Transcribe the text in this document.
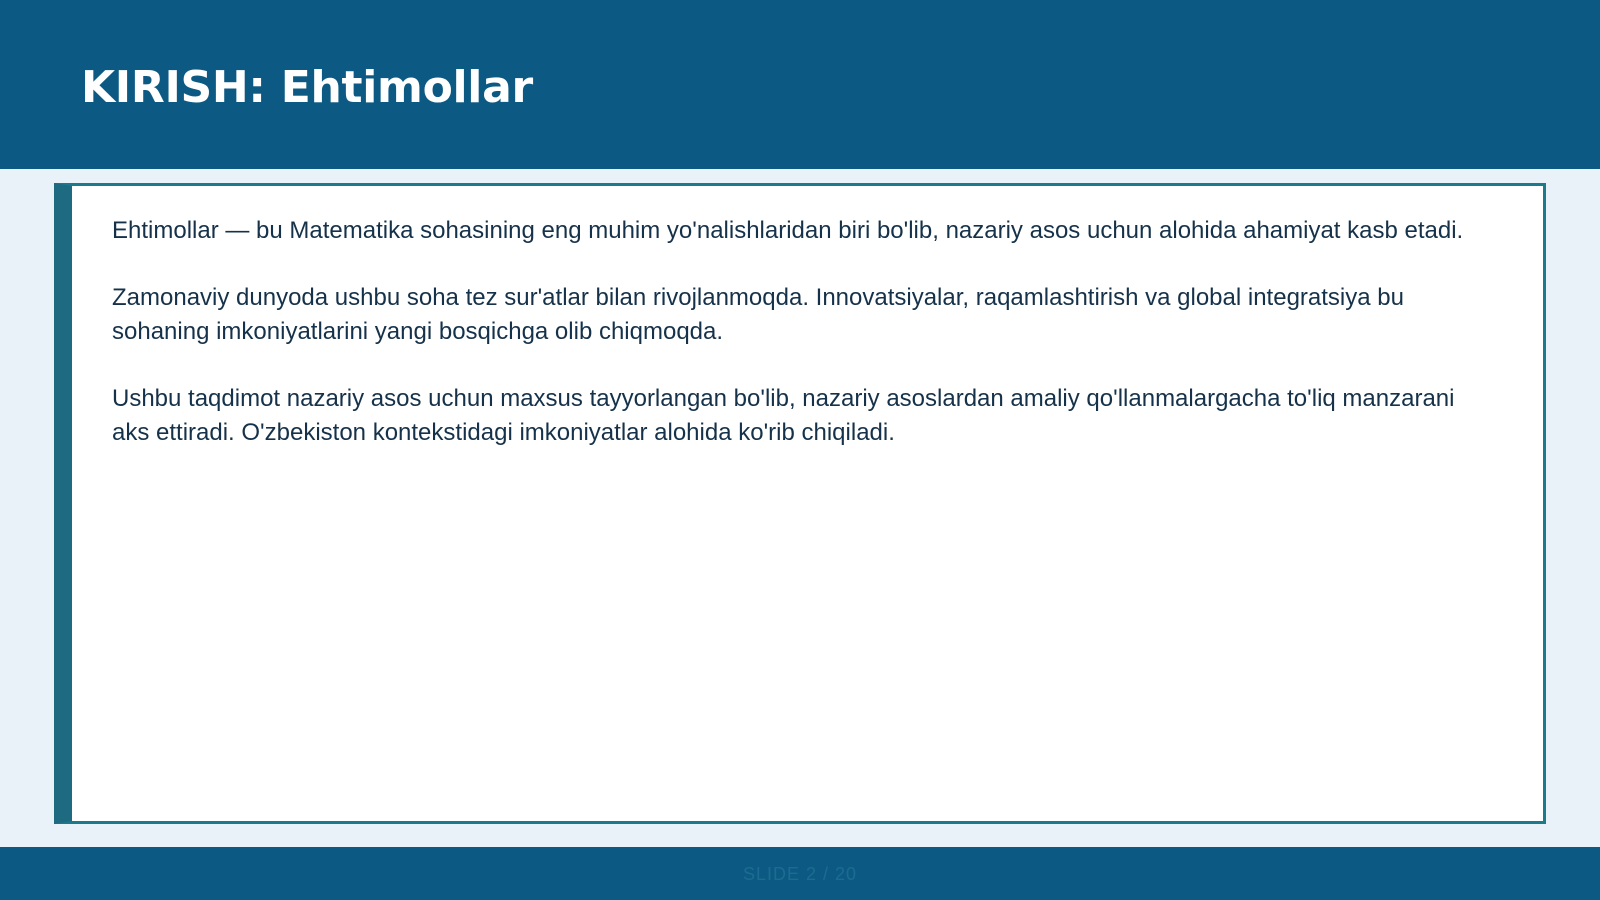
KIRISH: Ehtimollar

Ehtimollar — bu Matematika sohasining eng muhim yo'nalishlaridan biri bo'lib, nazariy asos uchun alohida ahamiyat kasb etadi.

Zamonaviy dunyoda ushbu soha tez sur'atlar bilan rivojlanmoqda. Innovatsiyalar, raqamlashtirish va global integratsiya bu sohaning imkoniyatlarini yangi bosqichga olib chiqmoqda.

Ushbu taqdimot nazariy asos uchun maxsus tayyorlangan bo'lib, nazariy asoslardan amaliy qo'llanmalargacha to'liq manzarani aks ettiradi. O'zbekiston kontekstidagi imkoniyatlar alohida ko'rib chiqiladi.

SLIDE 2 / 20
